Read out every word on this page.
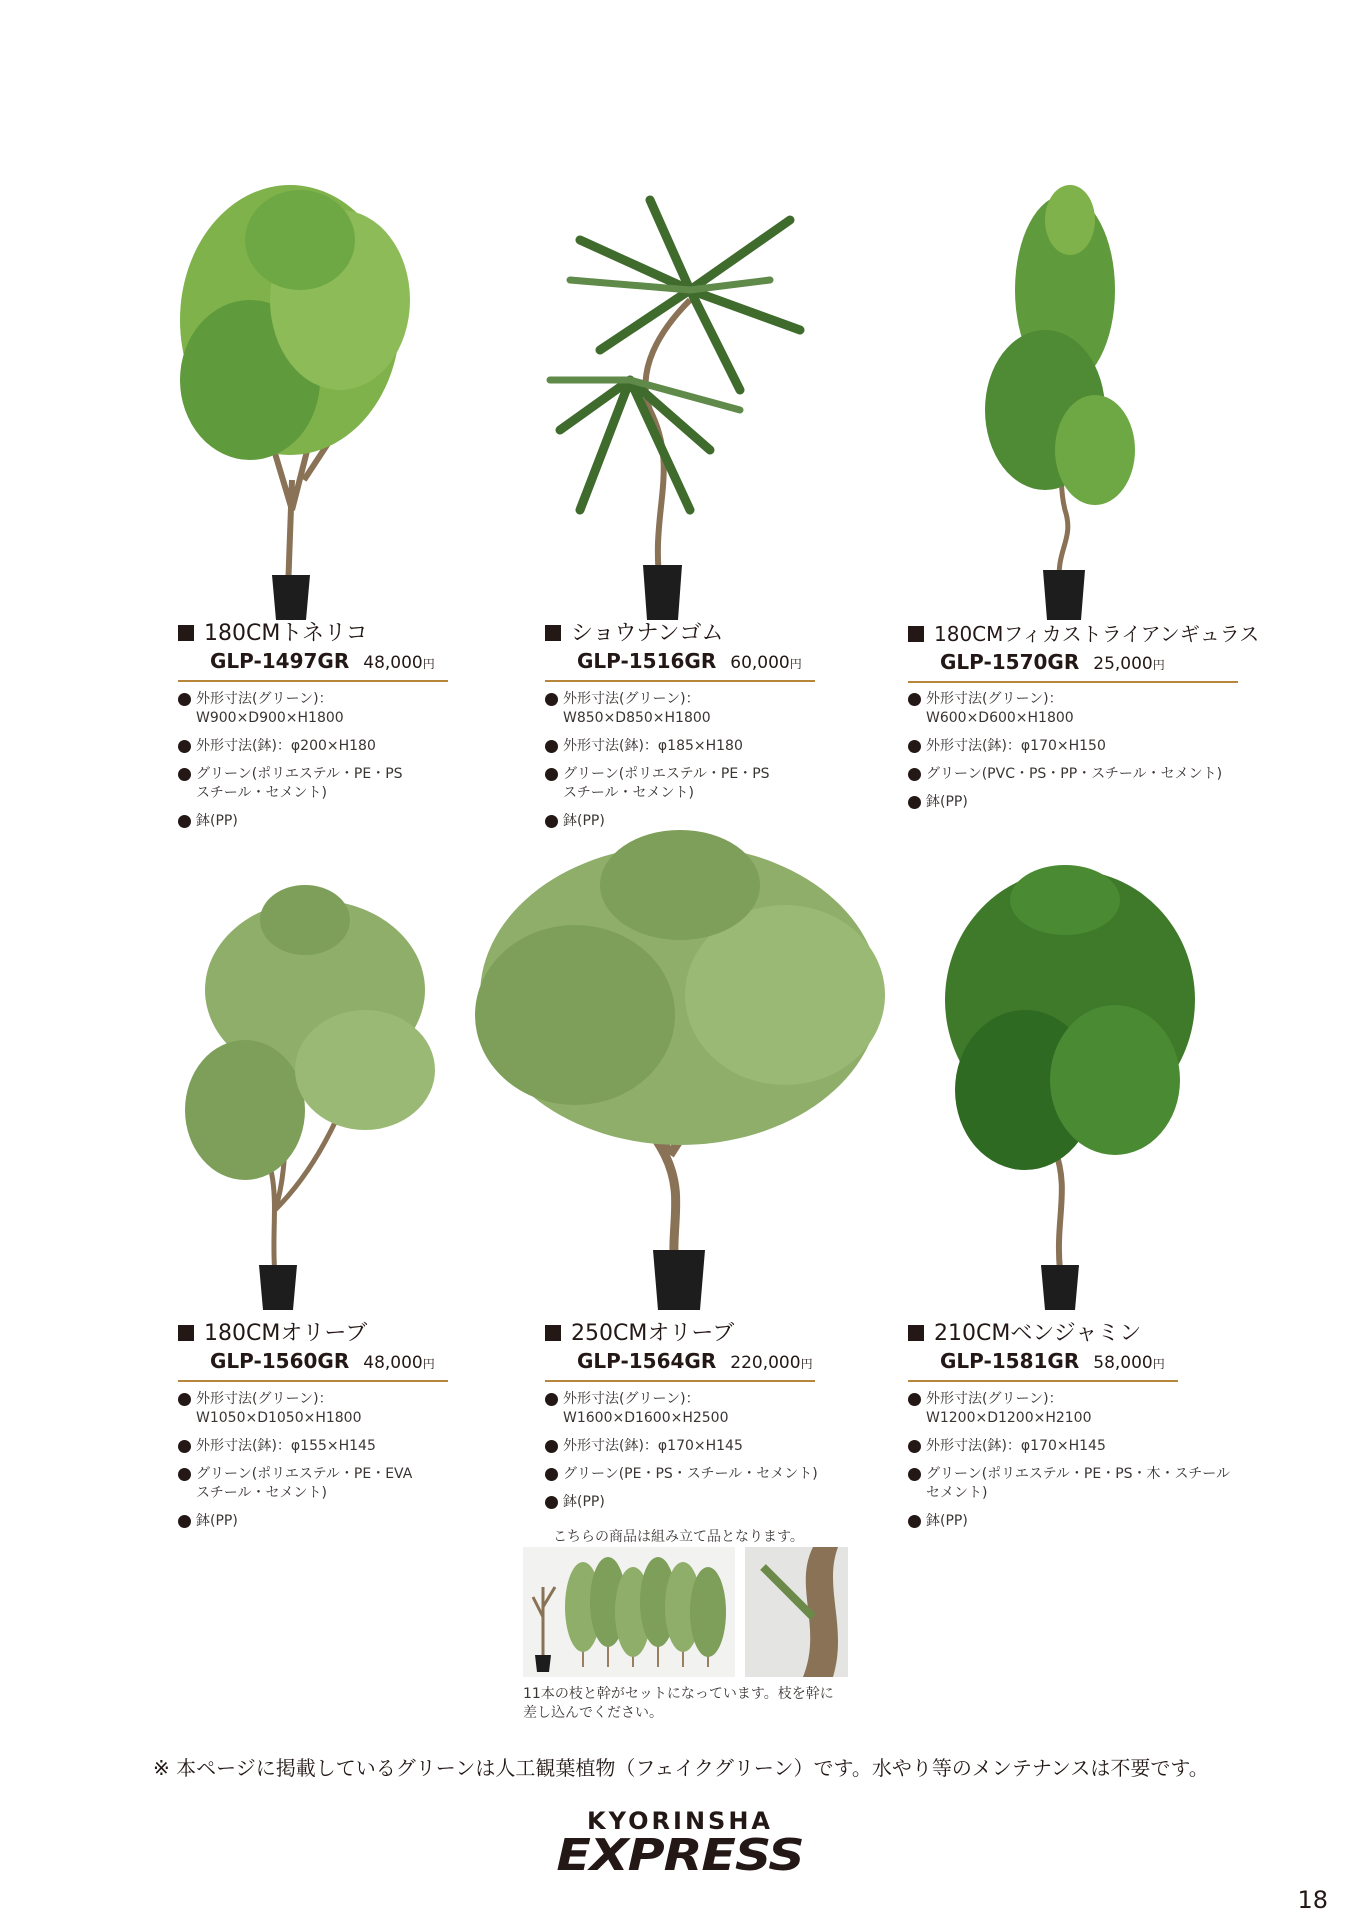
180CMトネリコ
GLP-1497GR 48,000円
外形寸法(グリーン)：
W900×D900×H1800
外形寸法(鉢)：φ200×H180
グリーン(ポリエステル・PE・PS
スチール・セメント)
鉢(PP)
ショウナンゴム
GLP-1516GR 60,000円
外形寸法(グリーン)：
W850×D850×H1800
外形寸法(鉢)：φ185×H180
グリーン(ポリエステル・PE・PS
スチール・セメント)
鉢(PP)
180CMフィカストライアンギュラス
GLP-1570GR 25,000円
外形寸法(グリーン)：
W600×D600×H1800
外形寸法(鉢)：φ170×H150
グリーン(PVC・PS・PP・スチール・セメント)
鉢(PP)
180CMオリーブ
GLP-1560GR 48,000円
外形寸法(グリーン)：
W1050×D1050×H1800
外形寸法(鉢)：φ155×H145
グリーン(ポリエステル・PE・EVA
スチール・セメント)
鉢(PP)
250CMオリーブ
GLP-1564GR 220,000円
外形寸法(グリーン)：
W1600×D1600×H2500
外形寸法(鉢)：φ170×H145
グリーン(PE・PS・スチール・セメント)
鉢(PP)
210CMベンジャミン
GLP-1581GR 58,000円
外形寸法(グリーン)：
W1200×D1200×H2100
外形寸法(鉢)：φ170×H145
グリーン(ポリエステル・PE・PS・木・スチール
セメント)
鉢(PP)
こちらの商品は組み立て品となります。
11本の枝と幹がセットになっています。枝を幹に
差し込んでください。
※ 本ページに掲載しているグリーンは人工観葉植物（フェイクグリーン）です。水やり等のメンテナンスは不要です。
KYORINSHA
EXPRESS
18
